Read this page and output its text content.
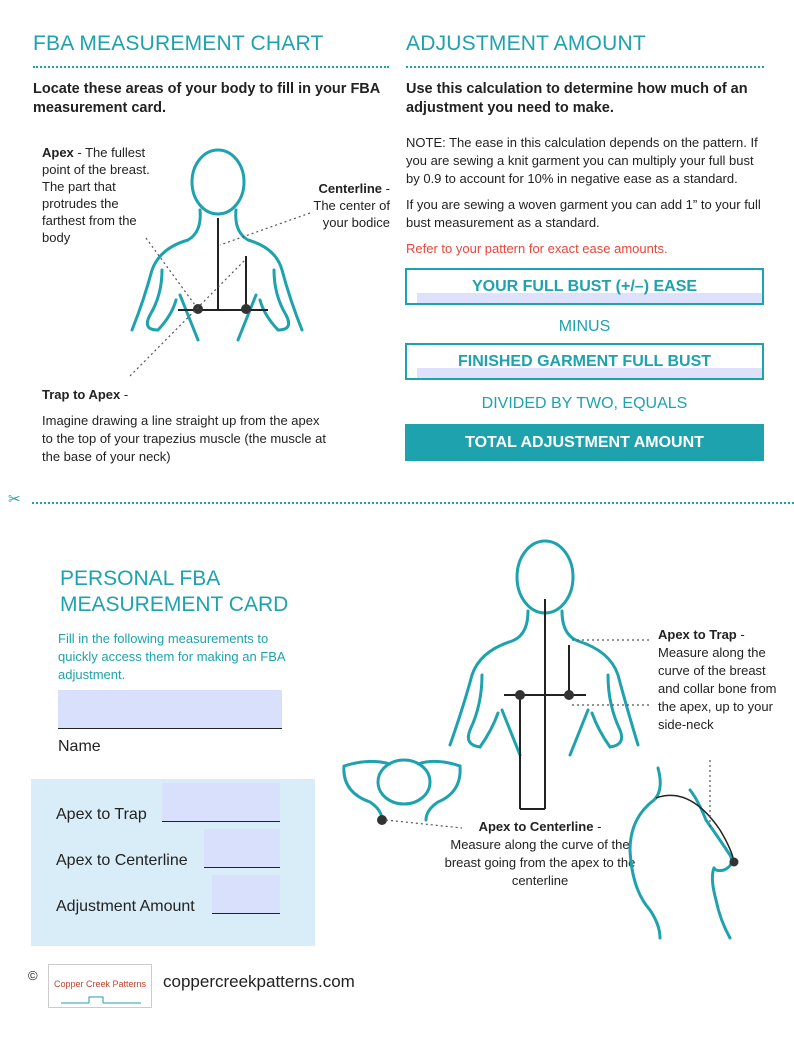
FBA MEASUREMENT CHART
Locate these areas of your body to fill in your FBA measurement card.
Apex - The fullest point of the breast. The part that protrudes the farthest from the body
Centerline -
The center of your bodice
Trap to Apex -
Imagine drawing a line straight up from the apex to the top of your trapezius muscle (the muscle at the base of your neck)
ADJUSTMENT AMOUNT
Use this calculation to determine how much of an adjustment you need to make.
NOTE: The ease in this calculation depends on the pattern. If you are sewing a knit garment you can multiply your full bust by 0.9 to account for 10% in negative ease as a standard.
If you are sewing a woven garment you can add 1” to your full bust measurement as a standard.
Refer to your pattern for exact ease amounts.
YOUR FULL BUST (+/–) EASE
MINUS
FINISHED GARMENT FULL BUST
DIVIDED BY TWO, EQUALS
TOTAL ADJUSTMENT AMOUNT
✂
PERSONAL FBA
MEASUREMENT CARD
Fill in the following measurements to quickly access them for making an FBA adjustment.
Name
Apex to Trap
Apex to Centerline
Adjustment Amount
Apex to Trap - Measure along the curve of the breast and collar bone from the apex, up to your side-neck
Apex to Centerline -
Measure along the curve of the breast going from the apex to the centerline
©
Copper Creek Patterns coppercreekpatterns.com
